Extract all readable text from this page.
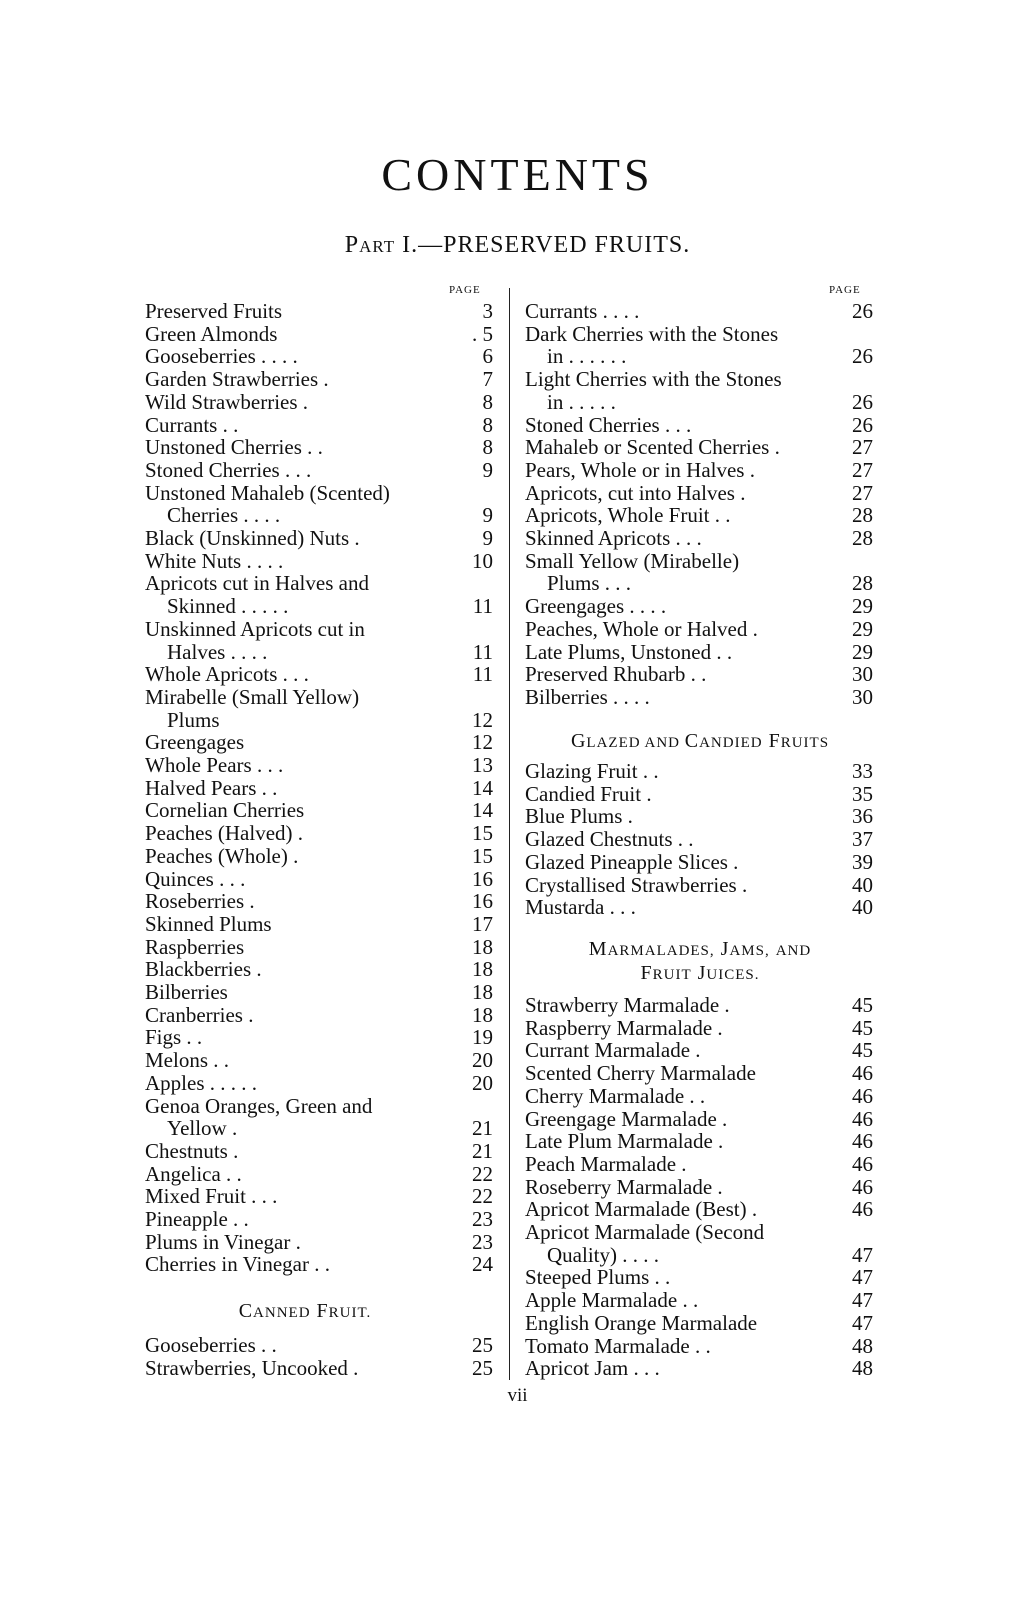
CONTENTS
PART I.—PRESERVED FRUITS.
PAGE	PAGE
Preserved Fruits	3
Green Almonds	. 5
Gooseberries . . . .	6
Garden Strawberries .	7
Wild Strawberries .	8
Currants . .	8
Unstoned Cherries . .	8
Stoned Cherries . . .	9
Unstoned Mahaleb (Scented)
Cherries . . . .	9
Black (Unskinned) Nuts .	9
White Nuts . . . .	10
Apricots cut in Halves and
Skinned . . . . .	11
Unskinned Apricots cut in
Halves . . . .	11
Whole Apricots . . .	11
Mirabelle (Small Yellow)
Plums	12
Greengages	12
Whole Pears . . .	13
Halved Pears . .	14
Cornelian Cherries	14
Peaches (Halved) .	15
Peaches (Whole) .	15
Quinces . . .	16
Roseberries .	16
Skinned Plums	17
Raspberries	18
Blackberries .	18
Bilberries	18
Cranberries .	18
Figs . .	19
Melons . .	20
Apples . . . . .	20
Genoa Oranges, Green and
Yellow .	21
Chestnuts .	21
Angelica . .	22
Mixed Fruit . . .	22
Pineapple . .	23
Plums in Vinegar .	23
Cherries in Vinegar . .	24
CANNED FRUIT.
Gooseberries . .	25
Strawberries, Uncooked .	25
Currants . . . .	26
Dark Cherries with the Stones
in . . . . . .	26
Light Cherries with the Stones
in . . . . .	26
Stoned Cherries . . .	26
Mahaleb or Scented Cherries .	27
Pears, Whole or in Halves .	27
Apricots, cut into Halves .	27
Apricots, Whole Fruit . .	28
Skinned Apricots . . .	28
Small Yellow (Mirabelle)
Plums . . .	28
Greengages . . . .	29
Peaches, Whole or Halved .	29
Late Plums, Unstoned . .	29
Preserved Rhubarb . .	30
Bilberries . . . .	30
GLAZED AND CANDIED FRUITS
Glazing Fruit . .	33
Candied Fruit .	35
Blue Plums .	36
Glazed Chestnuts . .	37
Glazed Pineapple Slices .	39
Crystallised Strawberries .	40
Mustarda . . .	40
MARMALADES, JAMS, AND
FRUIT JUICES.
Strawberry Marmalade .	45
Raspberry Marmalade .	45
Currant Marmalade .	45
Scented Cherry Marmalade	46
Cherry Marmalade . .	46
Greengage Marmalade .	46
Late Plum Marmalade .	46
Peach Marmalade .	46
Roseberry Marmalade .	46
Apricot Marmalade (Best) .	46
Apricot Marmalade (Second
Quality) . . . .	47
Steeped Plums . .	47
Apple Marmalade . .	47
English Orange Marmalade	47
Tomato Marmalade . .	48
Apricot Jam . . .	48
vii
